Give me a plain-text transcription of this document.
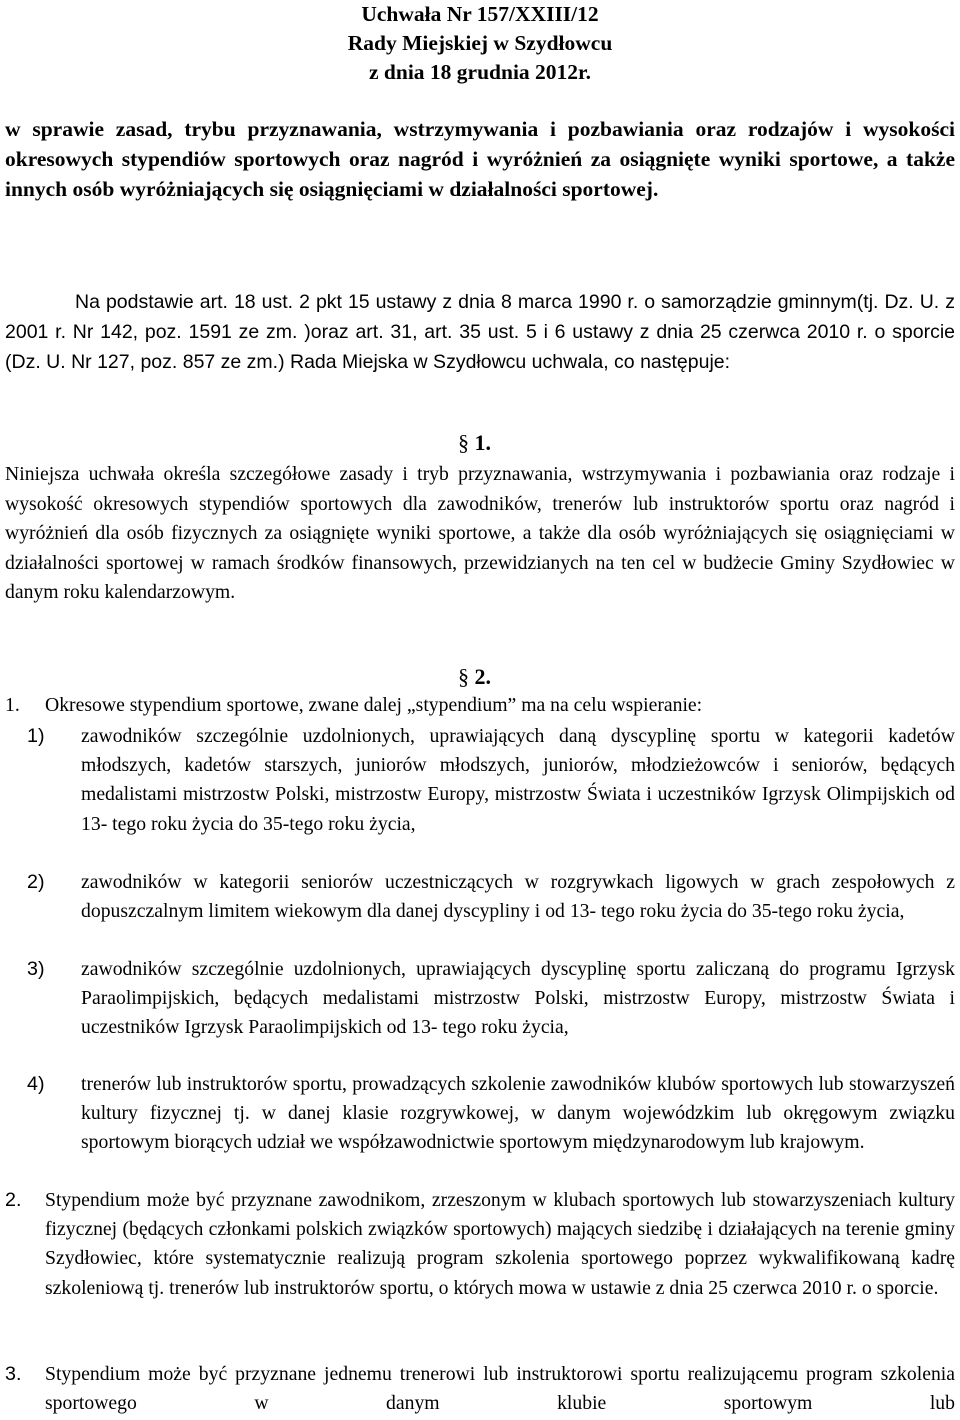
Uchwała Nr 157/XXIII/12
Rady Miejskiej w Szydłowcu
z dnia 18 grudnia 2012r.
w sprawie zasad, trybu przyznawania, wstrzymywania i pozbawiania oraz rodzajów i wysokości okresowych stypendiów sportowych oraz nagród i wyróżnień za osiągnięte wyniki sportowe, a także innych osób wyróżniających się osiągnięciami w działalności sportowej.
Na podstawie art. 18 ust. 2 pkt 15 ustawy z dnia 8 marca 1990 r. o samorządzie gminnym(tj. Dz. U. z 2001 r. Nr 142, poz. 1591 ze zm. )oraz art. 31, art. 35 ust. 5 i 6 ustawy z dnia 25 czerwca 2010 r. o sporcie (Dz. U. Nr 127, poz. 857 ze zm.) Rada Miejska w Szydłowcu uchwala, co następuje:
§ 1.
Niniejsza uchwała określa szczegółowe zasady i tryb przyznawania, wstrzymywania i pozbawiania oraz rodzaje i wysokość okresowych stypendiów sportowych dla zawodników, trenerów lub instruktorów sportu oraz nagród i wyróżnień dla osób fizycznych za osiągnięte wyniki sportowe, a także dla osób wyróżniających się osiągnięciami w działalności sportowej w ramach środków finansowych, przewidzianych na ten cel w budżecie Gminy Szydłowiec w danym roku kalendarzowym.
§ 2.
1. Okresowe stypendium sportowe, zwane dalej „stypendium” ma na celu wspieranie:
1) zawodników szczególnie uzdolnionych, uprawiających daną dyscyplinę sportu w kategorii kadetów młodszych, kadetów starszych, juniorów młodszych, juniorów, młodzieżowców i seniorów, będących medalistami mistrzostw Polski, mistrzostw Europy, mistrzostw Świata i uczestników Igrzysk Olimpijskich od 13- tego roku życia do 35-tego roku życia,
2) zawodników w kategorii seniorów uczestniczących w rozgrywkach ligowych w grach zespołowych z dopuszczalnym limitem wiekowym dla danej dyscypliny i od 13- tego roku życia do 35-tego roku życia,
3) zawodników szczególnie uzdolnionych, uprawiających dyscyplinę sportu zaliczaną do programu Igrzysk Paraolimpijskich, będących medalistami mistrzostw Polski, mistrzostw Europy, mistrzostw Świata i uczestników Igrzysk Paraolimpijskich od 13- tego roku życia,
4) trenerów lub instruktorów sportu, prowadzących szkolenie zawodników klubów sportowych lub stowarzyszeń kultury fizycznej tj. w danej klasie rozgrywkowej, w danym wojewódzkim lub okręgowym związku sportowym biorących udział we współzawodnictwie sportowym międzynarodowym lub krajowym.
2. Stypendium może być przyznane zawodnikom, zrzeszonym w klubach sportowych lub stowarzyszeniach kultury fizycznej (będących członkami polskich związków sportowych) mających siedzibę i działających na terenie gminy Szydłowiec, które systematycznie realizują program szkolenia sportowego poprzez wykwalifikowaną kadrę szkoleniową tj. trenerów lub instruktorów sportu, o których mowa w ustawie z dnia 25 czerwca 2010 r. o sporcie.
3. Stypendium może być przyznane jednemu trenerowi lub instruktorowi sportu realizującemu program szkolenia sportowego w danym klubie sportowym lub
